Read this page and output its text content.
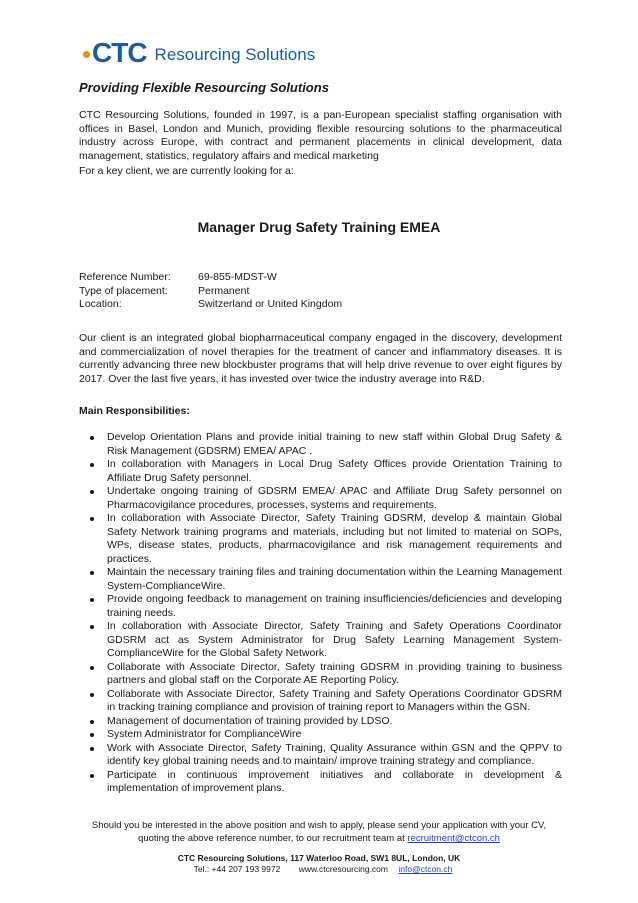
CTC Resourcing Solutions
Providing Flexible Resourcing Solutions
CTC Resourcing Solutions, founded in 1997, is a pan-European specialist staffing organisation with offices in Basel, London and Munich, providing flexible resourcing solutions to the pharmaceutical industry across Europe, with contract and permanent placements in clinical development, data management, statistics, regulatory affairs and medical marketing
For a key client, we are currently looking for a:
Manager Drug Safety Training EMEA
Reference Number:	69-855-MDST-W
Type of placement:	Permanent
Location:	Switzerland or United Kingdom
Our client is an integrated global biopharmaceutical company engaged in the discovery, development and commercialization of novel therapies for the treatment of cancer and inflammatory diseases. It is currently advancing three new blockbuster programs that will help drive revenue to over eight figures by 2017. Over the last five years, it has invested over twice the industry average into R&D.
Main Responsibilities:
Develop Orientation Plans and provide initial training to new staff within Global Drug Safety & Risk Management (GDSRM) EMEA/ APAC .
In collaboration with Managers in Local Drug Safety Offices provide Orientation Training to Affiliate Drug Safety personnel.
Undertake ongoing training of GDSRM EMEA/ APAC and Affiliate Drug Safety personnel on Pharmacovigilance procedures, processes, systems and requirements.
In collaboration with Associate Director, Safety Training GDSRM, develop & maintain Global Safety Network training programs and materials, including but not limited to material on SOPs, WPs, disease states, products, pharmacovigilance and risk management requirements and practices.
Maintain the necessary training files and training documentation within the Learning Management System-ComplianceWire.
Provide ongoing feedback to management on training insufficiencies/deficiencies and developing training needs.
In collaboration with Associate Director, Safety Training and Safety Operations Coordinator GDSRM act as System Administrator for Drug Safety Learning Management System-ComplianceWire for the Global Safety Network.
Collaborate with Associate Director, Safety training GDSRM in providing training to business partners and global staff on the Corporate AE Reporting Policy.
Collaborate with Associate Director, Safety Training and Safety Operations Coordinator GDSRM in tracking training compliance and provision of training report to Managers within the GSN.
Management of documentation of training provided by LDSO.
System Administrator for ComplianceWire
Work with Associate Director, Safety Training, Quality Assurance within GSN and the QPPV to identify key global training needs and to maintain/ improve training strategy and compliance.
Participate in continuous improvement initiatives and collaborate in development & implementation of improvement plans.
Should you be interested in the above position and wish to apply, please send your application with your CV, quoting the above reference number, to our recruitment team at recruitment@ctcon.ch
CTC Resourcing Solutions, 117 Waterloo Road, SW1 8UL, London, UK
Tel.: +44 207 193 9972 www.ctcresourcing.com info@ctcon.ch
